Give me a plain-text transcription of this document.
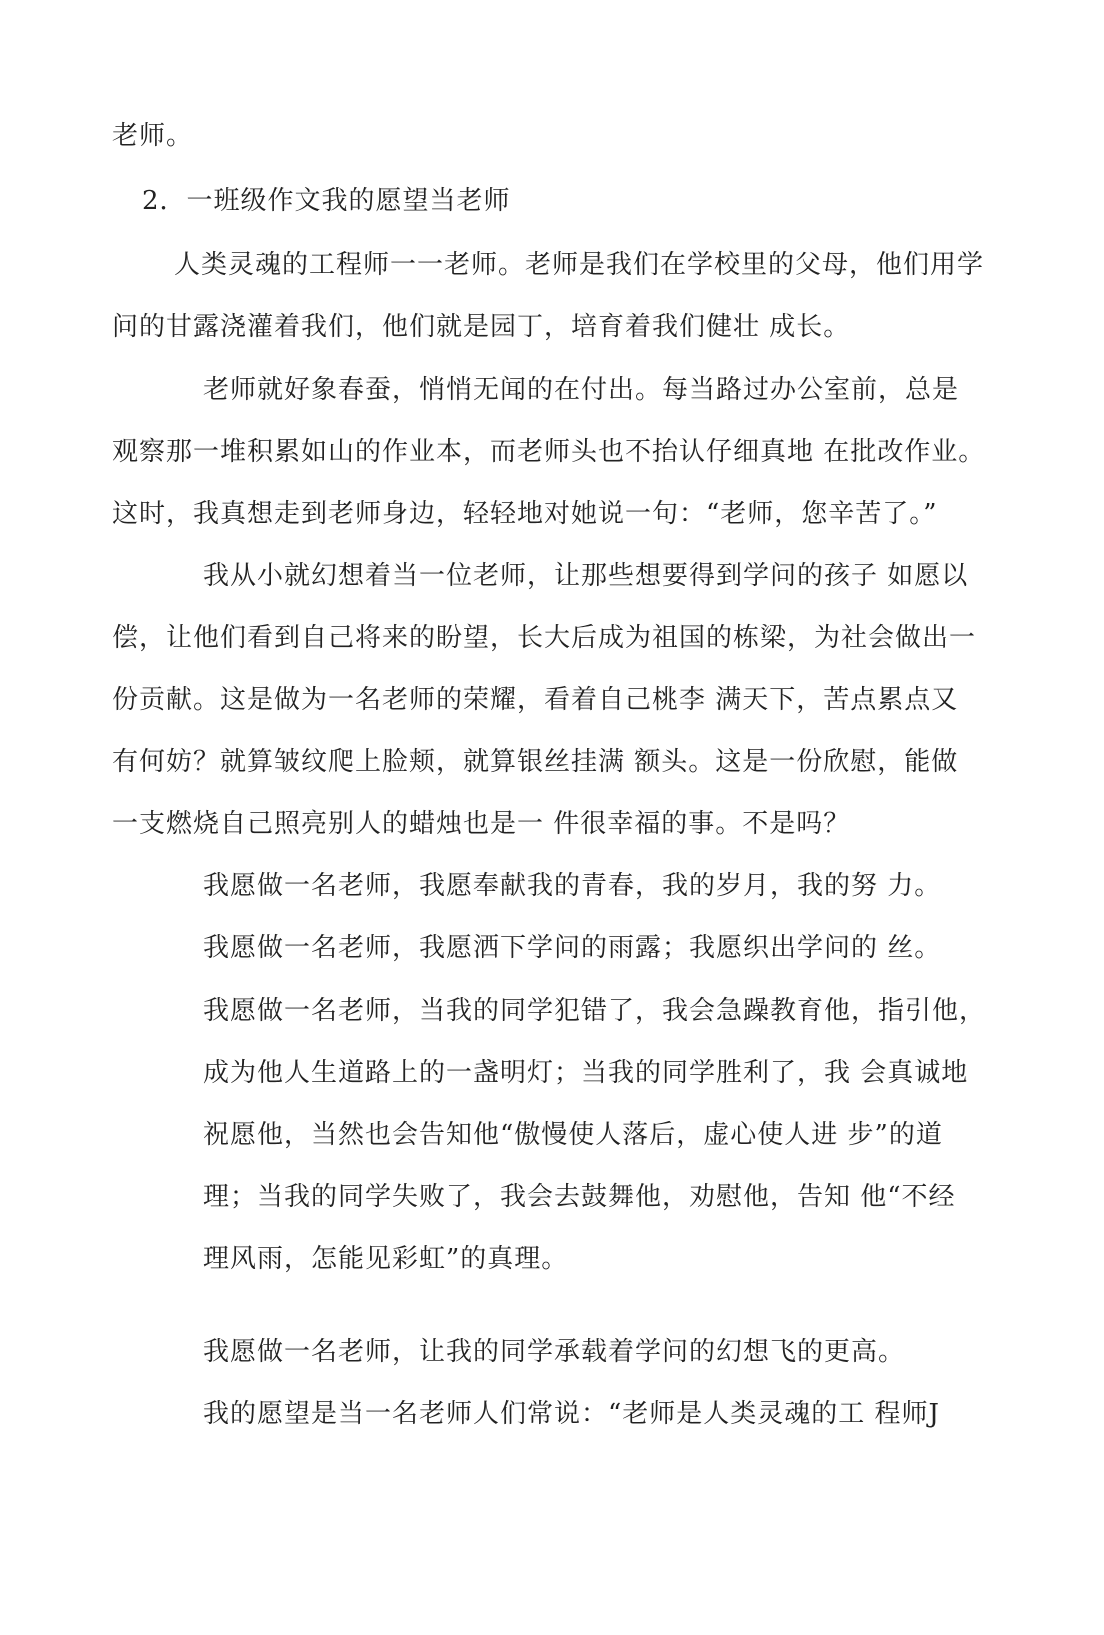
老师。
2．一班级作文我的愿望当老师
人类灵魂的工程师一一老师。老师是我们在学校里的父母，他们用学
问的甘露浇灌着我们，他们就是园丁，培育着我们健壮 成长。
老师就好象春蚕，悄悄无闻的在付出。每当路过办公室前，总是
观察那一堆积累如山的作业本，而老师头也不抬认仔细真地 在批改作业。
这时，我真想走到老师身边，轻轻地对她说一句：“老师，您辛苦了。”
我从小就幻想着当一位老师，让那些想要得到学问的孩子 如愿以
偿，让他们看到自己将来的盼望，长大后成为祖国的栋梁，为社会做出一
份贡献。这是做为一名老师的荣耀，看着自己桃李 满天下，苦点累点又
有何妨？就算皱纹爬上脸颊，就算银丝挂满 额头。这是一份欣慰，能做
一支燃烧自己照亮别人的蜡烛也是一 件很幸福的事。不是吗？
我愿做一名老师，我愿奉献我的青春，我的岁月，我的努 力。
我愿做一名老师，我愿洒下学问的雨露；我愿织出学问的 丝。
我愿做一名老师，当我的同学犯错了，我会急躁教育他，指引他，
成为他人生道路上的一盏明灯；当我的同学胜利了，我 会真诚地
祝愿他，当然也会告知他“傲慢使人落后，虚心使人进 步”的道
理；当我的同学失败了，我会去鼓舞他，劝慰他，告知 他“不经
理风雨，怎能见彩虹”的真理。
我愿做一名老师，让我的同学承载着学问的幻想飞的更高。
我的愿望是当一名老师人们常说：“老师是人类灵魂的工 程师J
